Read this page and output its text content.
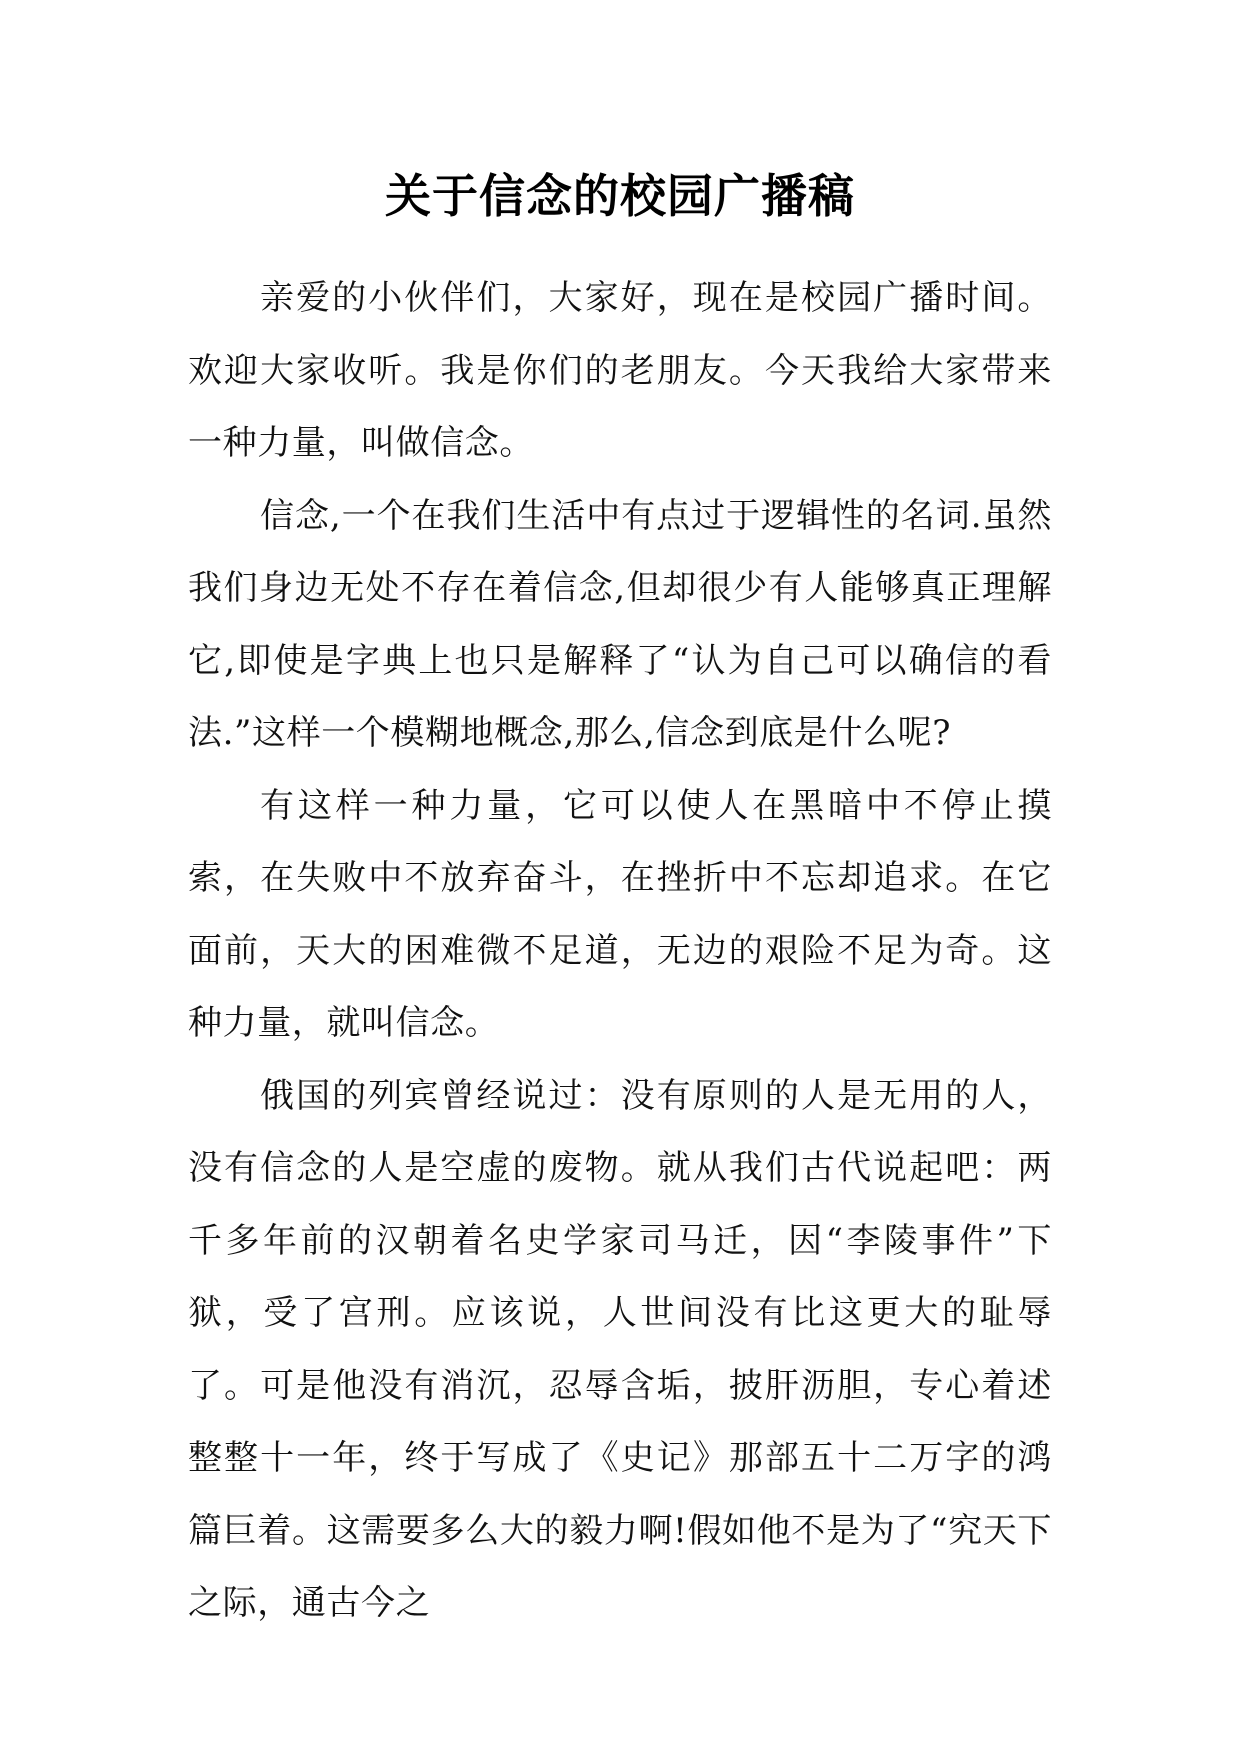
关于信念的校园广播稿

亲爱的小伙伴们，大家好，现在是校园广播时间。欢迎大家收听。我是你们的老朋友。今天我给大家带来一种力量，叫做信念。

信念,一个在我们生活中有点过于逻辑性的名词.虽然我们身边无处不存在着信念,但却很少有人能够真正理解它,即使是字典上也只是解释了“认为自己可以确信的看法.”这样一个模糊地概念,那么,信念到底是什么呢?

有这样一种力量，它可以使人在黑暗中不停止摸索，在失败中不放弃奋斗，在挫折中不忘却追求。在它面前，天大的困难微不足道，无边的艰险不足为奇。这种力量，就叫信念。

俄国的列宾曾经说过：没有原则的人是无用的人，没有信念的人是空虚的废物。就从我们古代说起吧：两千多年前的汉朝着名史学家司马迁，因“李陵事件”下狱，受了宫刑。应该说，人世间没有比这更大的耻辱了。可是他没有消沉，忍辱含垢，披肝沥胆，专心着述整整十一年，终于写成了《史记》那部五十二万字的鸿篇巨着。这需要多么大的毅力啊!假如他不是为了“究天下之际，通古今之
